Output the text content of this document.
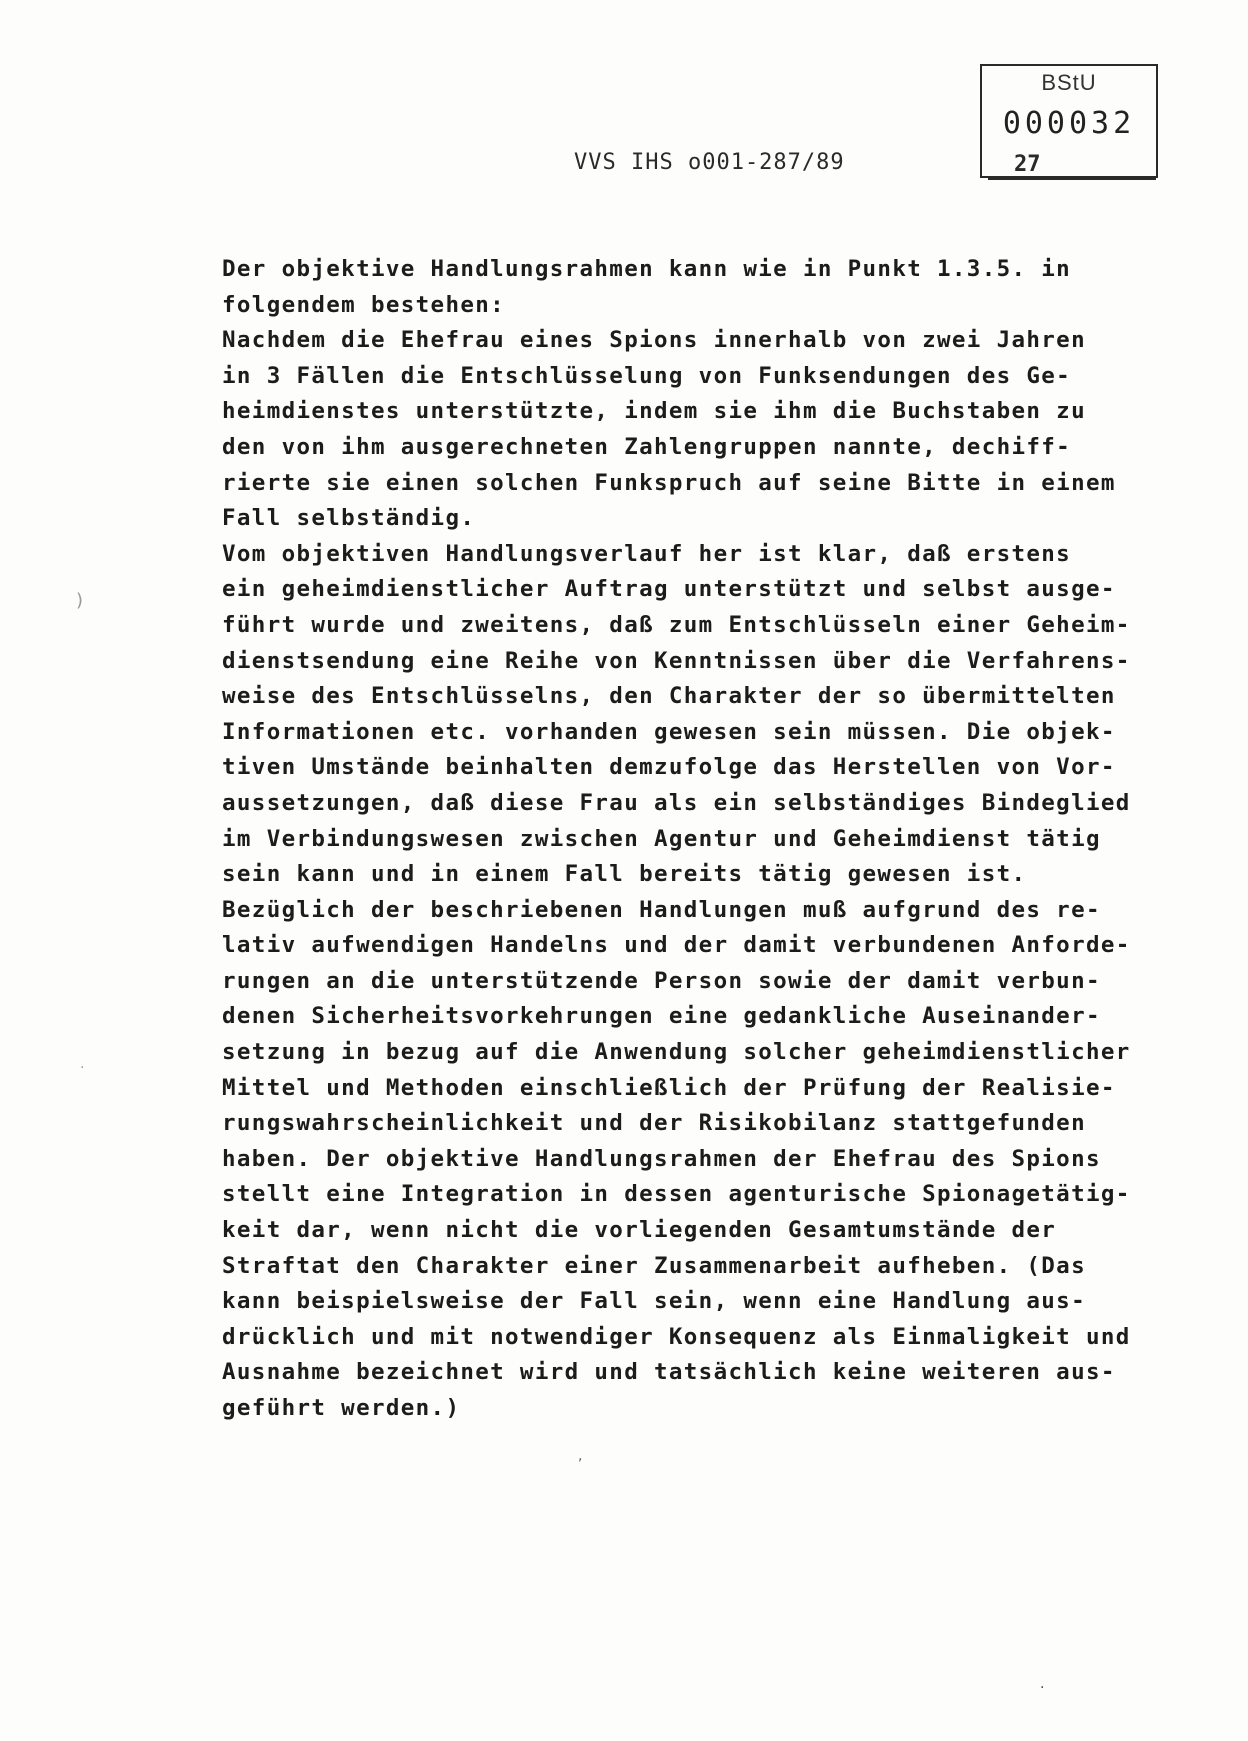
BStU
000032
VVS IHS o001-287/89	27
Der objektive Handlungsrahmen kann wie in Punkt 1.3.5. in
folgendem bestehen:
Nachdem die Ehefrau eines Spions innerhalb von zwei Jahren
in 3 Fällen die Entschlüsselung von Funksendungen des Ge-
heimdienstes unterstützte, indem sie ihm die Buchstaben zu
den von ihm ausgerechneten Zahlengruppen nannte, dechiff-
rierte sie einen solchen Funkspruch auf seine Bitte in einem
Fall selbständig.
Vom objektiven Handlungsverlauf her ist klar, daß erstens
ein geheimdienstlicher Auftrag unterstützt und selbst ausge-
führt wurde und zweitens, daß zum Entschlüsseln einer Geheim-
dienstsendung eine Reihe von Kenntnissen über die Verfahrens-
weise des Entschlüsselns, den Charakter der so übermittelten
Informationen etc. vorhanden gewesen sein müssen. Die objek-
tiven Umstände beinhalten demzufolge das Herstellen von Vor-
aussetzungen, daß diese Frau als ein selbständiges Bindeglied
im Verbindungswesen zwischen Agentur und Geheimdienst tätig
sein kann und in einem Fall bereits tätig gewesen ist.
Bezüglich der beschriebenen Handlungen muß aufgrund des re-
lativ aufwendigen Handelns und der damit verbundenen Anforde-
rungen an die unterstützende Person sowie der damit verbun-
denen Sicherheitsvorkehrungen eine gedankliche Auseinander-
setzung in bezug auf die Anwendung solcher geheimdienstlicher
Mittel und Methoden einschließlich der Prüfung der Realisie-
rungswahrscheinlichkeit und der Risikobilanz stattgefunden
haben. Der objektive Handlungsrahmen der Ehefrau des Spions
stellt eine Integration in dessen agenturische Spionagetätig-
keit dar, wenn nicht die vorliegenden Gesamtumstände der
Straftat den Charakter einer Zusammenarbeit aufheben. (Das
kann beispielsweise der Fall sein, wenn eine Handlung aus-
drücklich und mit notwendiger Konsequenz als Einmaligkeit und
Ausnahme bezeichnet wird und tatsächlich keine weiteren aus-
geführt werden.)
)
·
,
·
